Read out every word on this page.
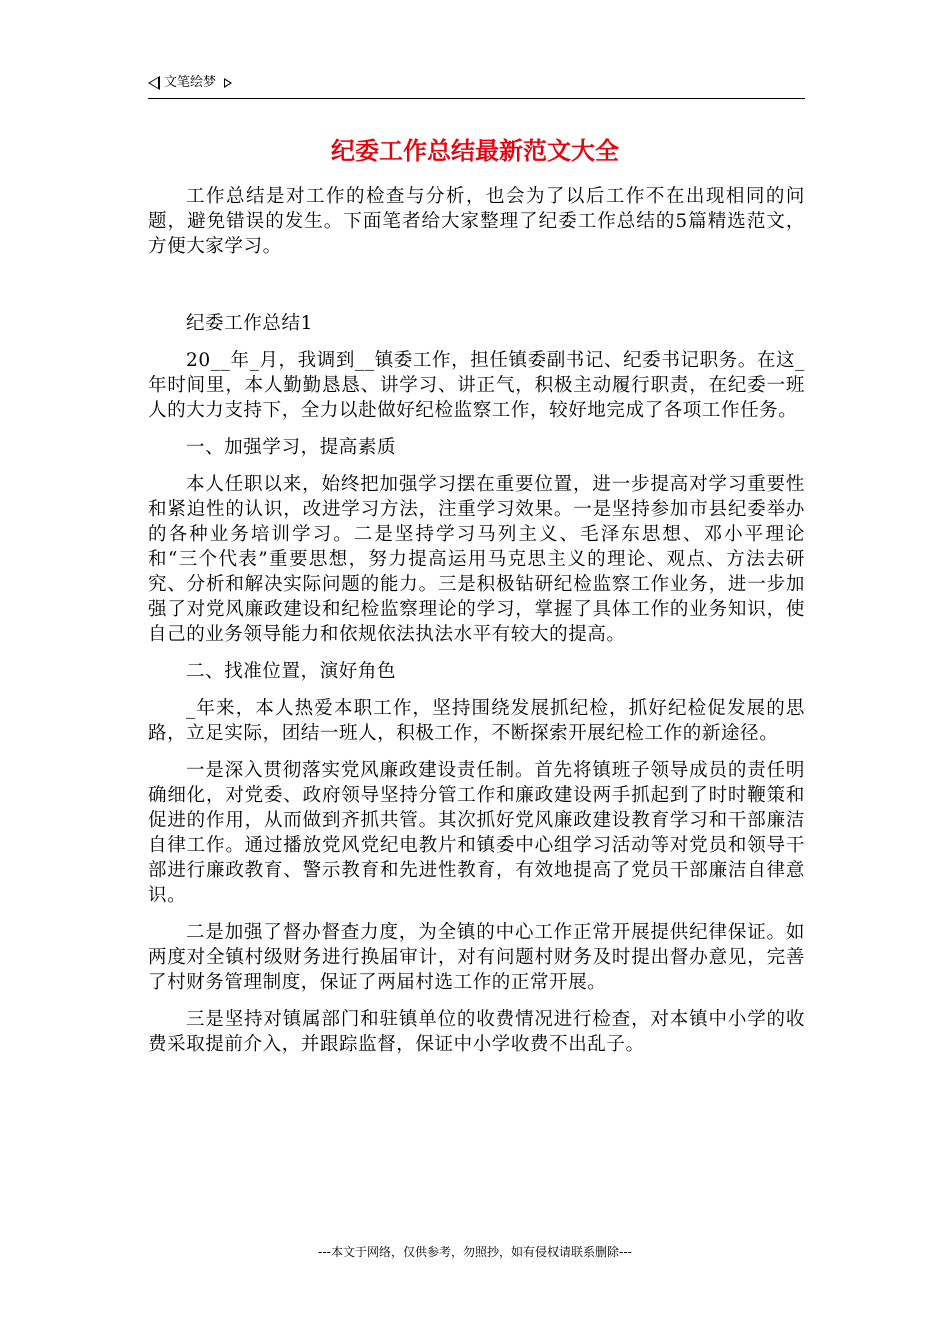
文笔绘梦
纪委工作总结最新范文大全

工作总结是对工作的检查与分析，也会为了以后工作不在出现相同的问题，避免错误的发生。下面笔者给大家整理了纪委工作总结的5篇精选范文，方便大家学习。

纪委工作总结1

20__年_月，我调到__镇委工作，担任镇委副书记、纪委书记职务。在这_年时间里，本人勤勤恳恳、讲学习、讲正气，积极主动履行职责，在纪委一班人的大力支持下，全力以赴做好纪检监察工作，较好地完成了各项工作任务。

一、加强学习，提高素质

本人任职以来，始终把加强学习摆在重要位置，进一步提高对学习重要性和紧迫性的认识，改进学习方法，注重学习效果。一是坚持参加市县纪委举办的各种业务培训学习。二是坚持学习马列主义、毛泽东思想、邓小平理论和“三个代表”重要思想，努力提高运用马克思主义的理论、观点、方法去研究、分析和解决实际问题的能力。三是积极钻研纪检监察工作业务，进一步加强了对党风廉政建设和纪检监察理论的学习，掌握了具体工作的业务知识，使自己的业务领导能力和依规依法执法水平有较大的提高。

二、找准位置，演好角色

_年来，本人热爱本职工作，坚持围绕发展抓纪检，抓好纪检促发展的思路，立足实际，团结一班人，积极工作，不断探索开展纪检工作的新途径。

一是深入贯彻落实党风廉政建设责任制。首先将镇班子领导成员的责任明确细化，对党委、政府领导坚持分管工作和廉政建设两手抓起到了时时鞭策和促进的作用，从而做到齐抓共管。其次抓好党风廉政建设教育学习和干部廉洁自律工作。通过播放党风党纪电教片和镇委中心组学习活动等对党员和领导干部进行廉政教育、警示教育和先进性教育，有效地提高了党员干部廉洁自律意识。

二是加强了督办督查力度，为全镇的中心工作正常开展提供纪律保证。如两度对全镇村级财务进行换届审计，对有问题村财务及时提出督办意见，完善了村财务管理制度，保证了两届村选工作的正常开展。

三是坚持对镇属部门和驻镇单位的收费情况进行检查，对本镇中小学的收费采取提前介入，并跟踪监督，保证中小学收费不出乱子。

---本文于网络，仅供参考，勿照抄，如有侵权请联系删除---
